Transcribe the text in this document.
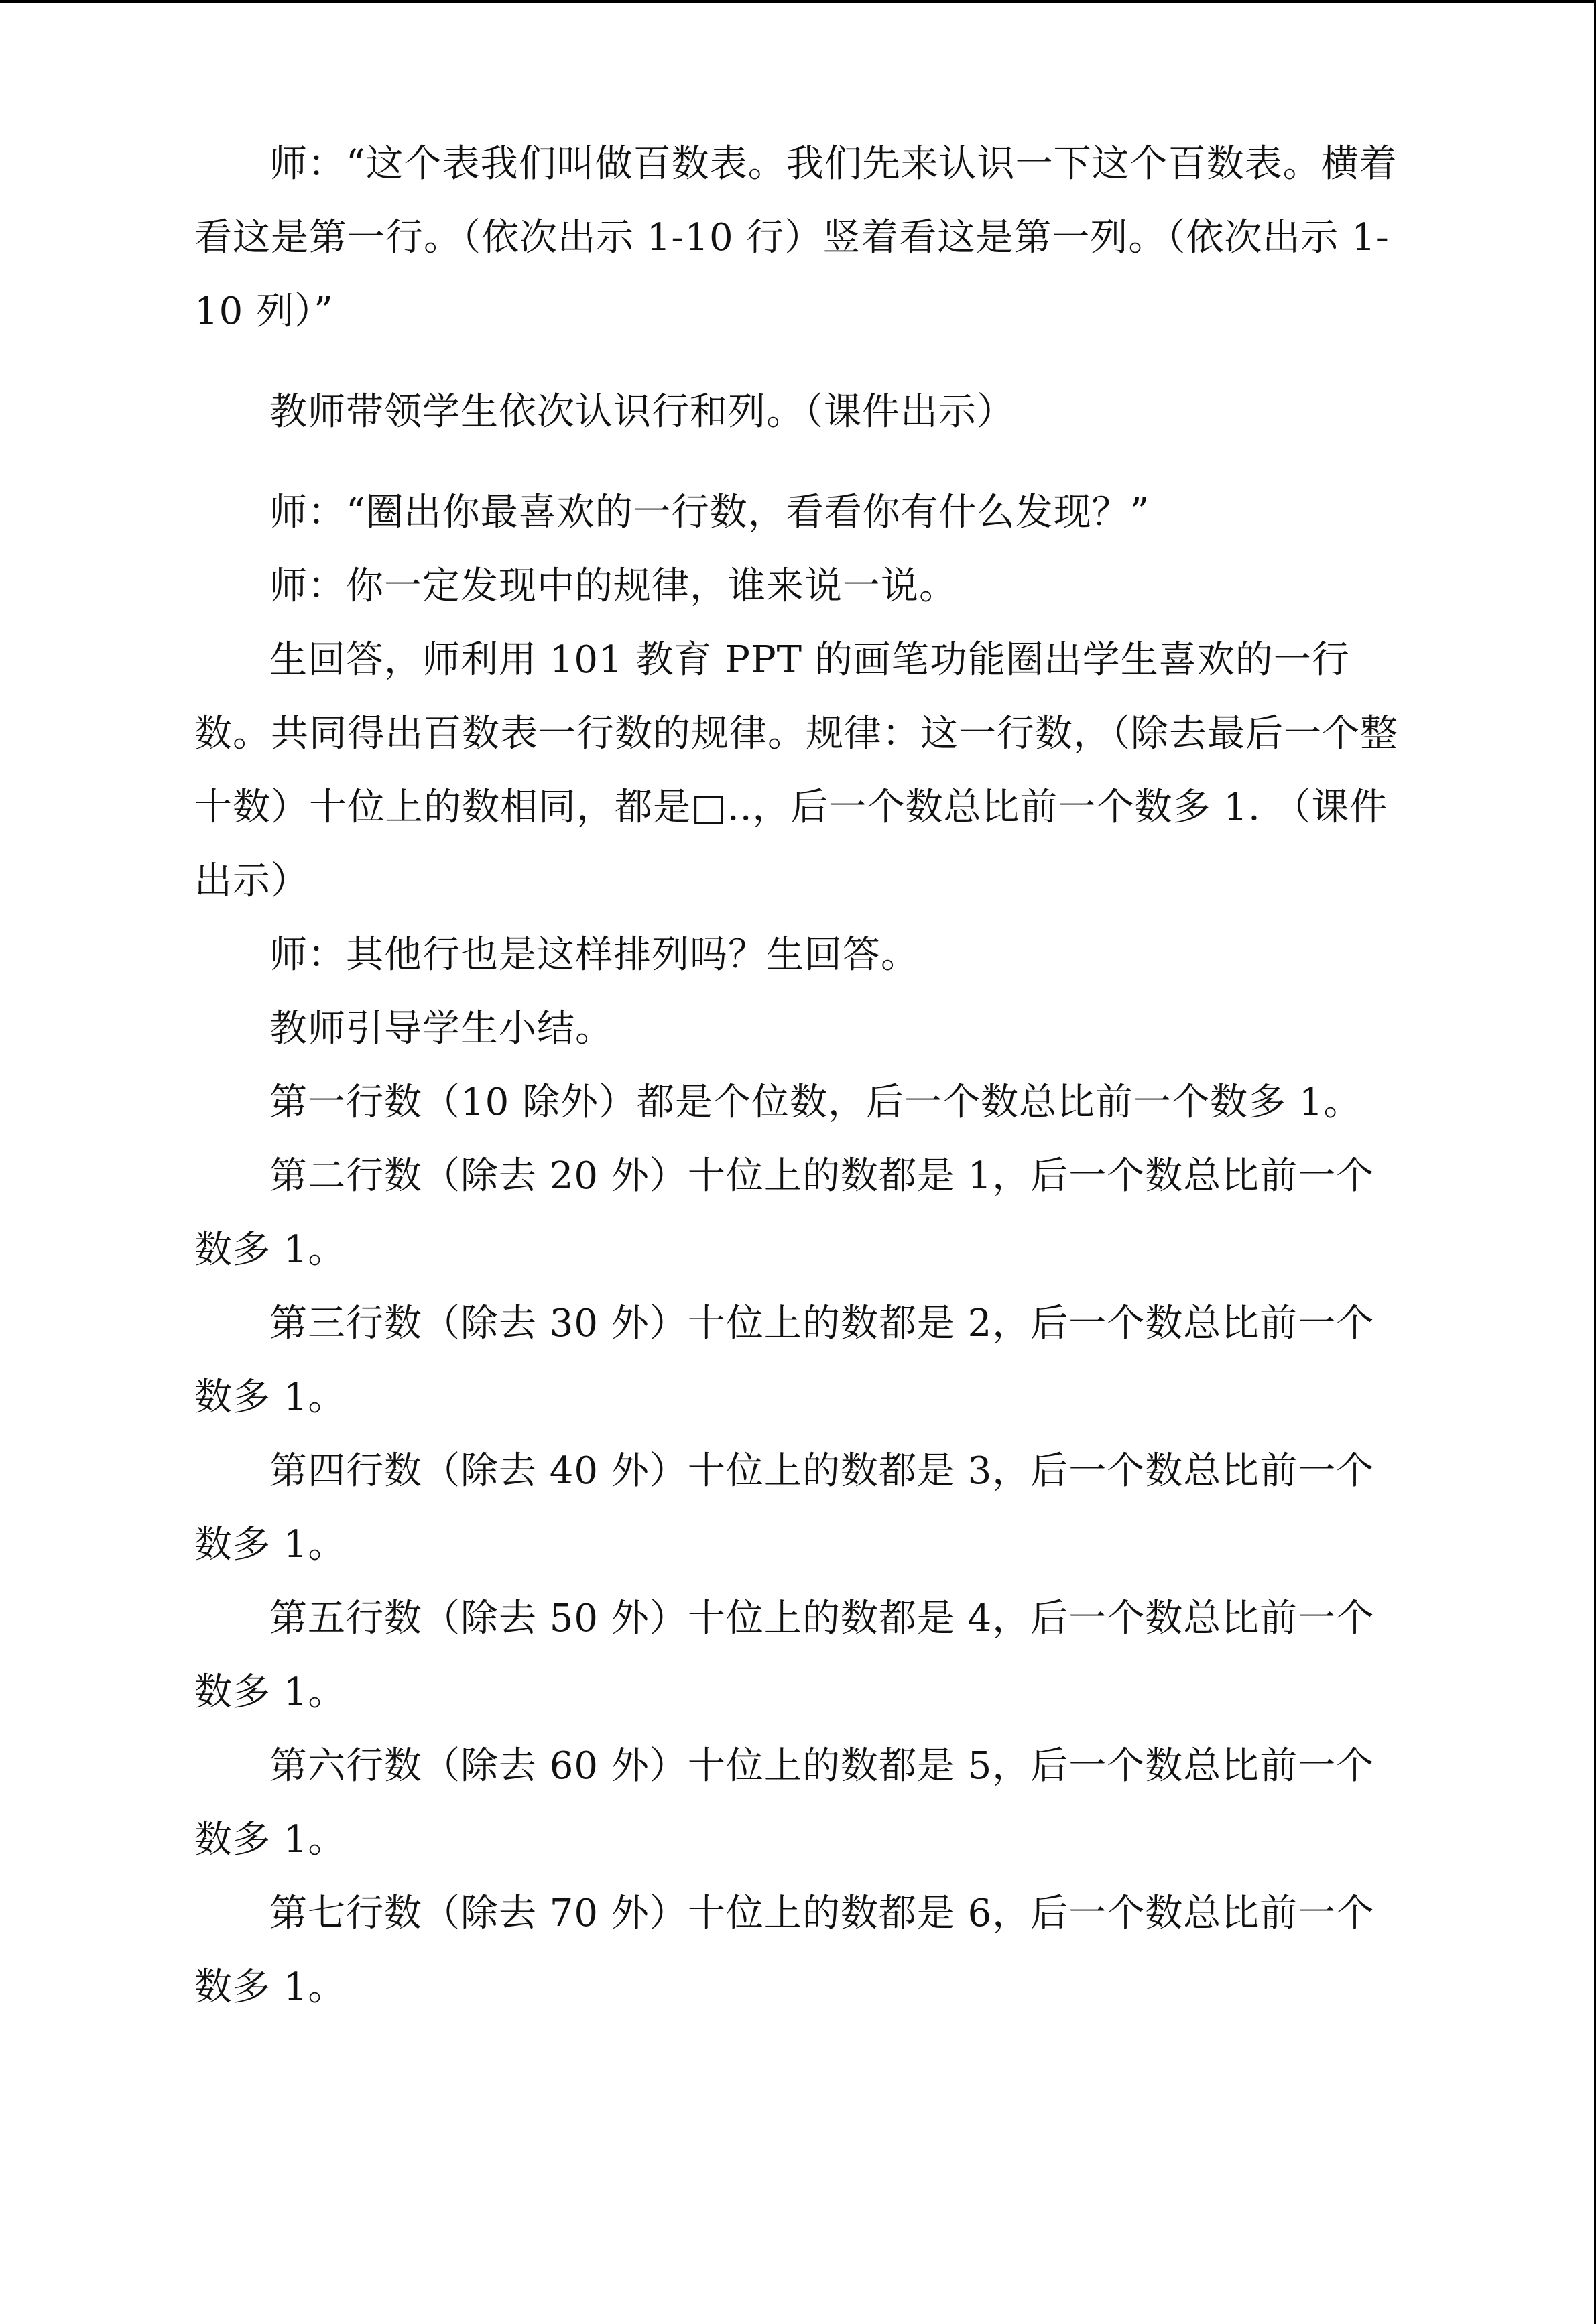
师：“这个表我们叫做百数表。我们先来认识一下这个百数表。横着看这是第一行。（依次出示 1-10 行）竖着看这是第一列。（依次出示 1-10 列）”

教师带领学生依次认识行和列。（课件出示）

师：“圈出你最喜欢的一行数，看看你有什么发现？”

师：你一定发现中的规律，谁来说一说。

生回答，师利用 101 教育 PPT 的画笔功能圈出学生喜欢的一行数。共同得出百数表一行数的规律。规律：这一行数，（除去最后一个整十数）十位上的数相同，都是□..，后一个数总比前一个数多 1. （课件出示）

师：其他行也是这样排列吗？生回答。

教师引导学生小结。

第一行数（10 除外）都是个位数，后一个数总比前一个数多 1。

第二行数（除去 20 外）十位上的数都是 1，后一个数总比前一个数多 1。

第三行数（除去 30 外）十位上的数都是 2，后一个数总比前一个数多 1。

第四行数（除去 40 外）十位上的数都是 3，后一个数总比前一个数多 1。

第五行数（除去 50 外）十位上的数都是 4，后一个数总比前一个数多 1。

第六行数（除去 60 外）十位上的数都是 5，后一个数总比前一个数多 1。

第七行数（除去 70 外）十位上的数都是 6，后一个数总比前一个数多 1。
